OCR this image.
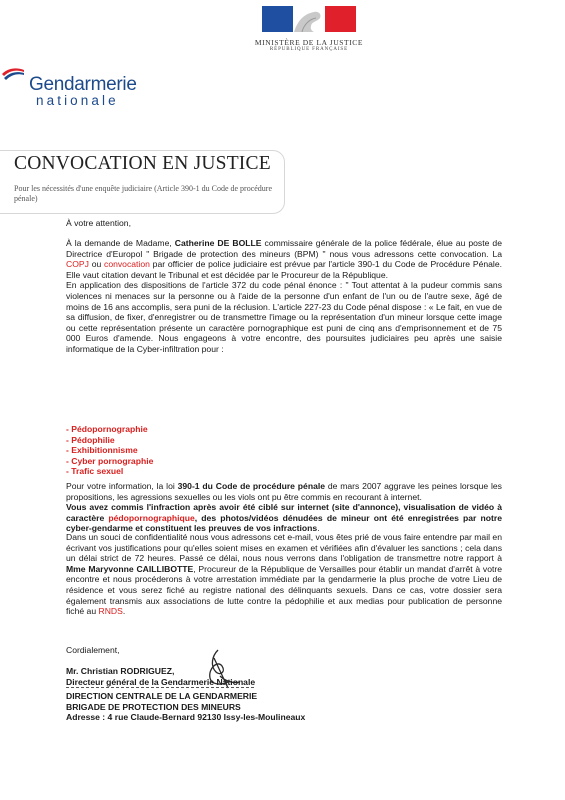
MINISTÈRE DE LA JUSTICE
RÉPUBLIQUE FRANÇAISE
Gendarmerie
nationale
CONVOCATION EN JUSTICE
Pour les nécessités d'une enquête judiciaire (Article 390-1 du Code de procédure pénale)
À votre attention,
À la demande de Madame, Catherine DE BOLLE commissaire générale de la police fédérale, élue au poste de Directrice d'Europol " Brigade de protection des mineurs (BPM) " nous vous adressons cette convocation. La COPJ ou convocation par officier de police judiciaire est prévue par l'article 390-1 du Code de Procédure Pénale. Elle vaut citation devant le Tribunal et est décidée par le Procureur de la République.
En application des dispositions de l'article 372 du code pénal énonce : " Tout attentat à la pudeur commis sans violences ni menaces sur la personne ou à l'aide de la personne d'un enfant de l'un ou de l'autre sexe, âgé de moins de 16 ans accomplis, sera puni de la réclusion. L'article 227-23 du Code pénal dispose : « Le fait, en vue de sa diffusion, de fixer, d'enregistrer ou de transmettre l'image ou la représentation d'un mineur lorsque cette image ou cette représentation présente un caractère pornographique est puni de cinq ans d'emprisonnement et de 75 000 Euros d'amende. Nous engageons à votre encontre, des poursuites judiciaires peu après une saisie informatique de la Cyber-infiltration pour :
- Pédopornographie
- Pédophilie
- Exhibitionnisme
- Cyber pornographie
- Trafic sexuel
Pour votre information, la loi 390-1 du Code de procédure pénale de mars 2007 aggrave les peines lorsque les propositions, les agressions sexuelles ou les viols ont pu être commis en recourant à internet.
Vous avez commis l'infraction après avoir été ciblé sur internet (site d'annonce), visualisation de vidéo à caractère pédopornographique, des photos/vidéos dénudées de mineur ont été enregistrées par notre cyber-gendarme et constituent les preuves de vos infractions.
Dans un souci de confidentialité nous vous adressons cet e-mail, vous êtes prié de vous faire entendre par mail en écrivant vos justifications pour qu'elles soient mises en examen et vérifiées afin d'évaluer les sanctions ; cela dans un délai strict de 72 heures. Passé ce délai, nous nous verrons dans l'obligation de transmettre notre rapport à Mme Maryvonne CAILLIBOTTE, Procureur de la République de Versailles pour établir un mandat d'arrêt à votre encontre et nous procéderons à votre arrestation immédiate par la gendarmerie la plus proche de votre Lieu de résidence et vous serez fiché au registre national des délinquants sexuels. Dans ce cas, votre dossier sera également transmis aux associations de lutte contre la pédophilie et aux medias pour publication de personne fiché au RNDS.
Cordialement,
Mr. Christian RODRIGUEZ,
Directeur général de la Gendarmerie Nationale
DIRECTION CENTRALE DE LA GENDARMERIE
BRIGADE DE PROTECTION DES MINEURS
Adresse : 4 rue Claude-Bernard 92130 Issy-les-Moulineaux
